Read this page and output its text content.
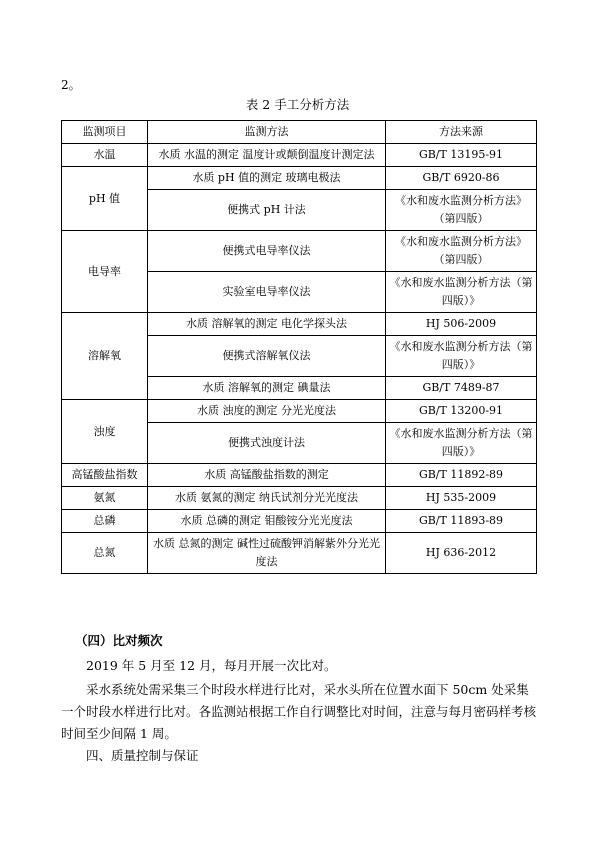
2。
表 2 手工分析方法
监测项目	监测方法	方法来源
水温	水质 水温的测定 温度计或颠倒温度计测定法	GB/T 13195-91
pH 值	水质 pH 值的测定 玻璃电极法	GB/T 6920-86
	便携式 pH 计法	《水和废水监测分析方法》（第四版）
电导率	便携式电导率仪法	《水和废水监测分析方法》（第四版）
	实验室电导率仪法	《水和废水监测分析方法（第四版）》
溶解氧	水质 溶解氧的测定 电化学探头法	HJ 506-2009
	便携式溶解氧仪法	《水和废水监测分析方法（第四版）》
	水质 溶解氧的测定 碘量法	GB/T 7489-87
浊度	水质 浊度的测定 分光光度法	GB/T 13200-91
	便携式浊度计法	《水和废水监测分析方法（第四版）》
高锰酸盐指数	水质 高锰酸盐指数的测定	GB/T 11892-89
氨氮	水质 氨氮的测定 纳氏试剂分光光度法	HJ 535-2009
总磷	水质 总磷的测定 钼酸铵分光光度法	GB/T 11893-89
总氮	水质 总氮的测定 碱性过硫酸钾消解紫外分光光度法	HJ 636-2012
（四）比对频次
2019 年 5 月至 12 月，每月开展一次比对。
采水系统处需采集三个时段水样进行比对，采水头所在位置水面下 50cm 处采集一个时段水样进行比对。各监测站根据工作自行调整比对时间，注意与每月密码样考核时间至少间隔 1 周。
四、质量控制与保证
